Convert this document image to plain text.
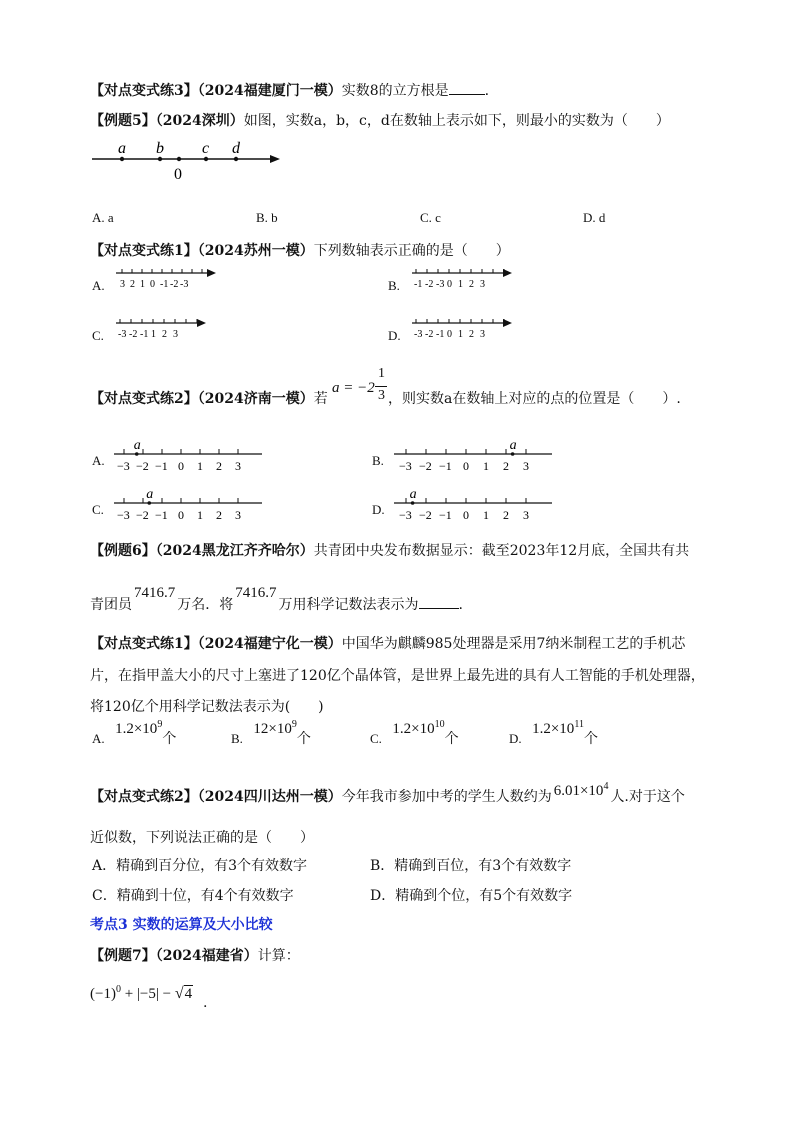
【对点变式练3】（2024福建厦门一模）实数8的立方根是	.
【例题5】（2024深圳）如图，实数a，b，c，d在数轴上表示如下，则最小的实数为（　　）
a b c d
0
A. a	B. b	C. c	D. d
【对点变式练1】（2024苏州一模）下列数轴表示正确的是（　　）
A. 3 2 1 0 -1 -2 -3	B. -1 -2 -3 0 1 2 3
C. -3 -2 -1 1 2 3	D. -3 -2 -1 0 1 2 3
【对点变式练2】（2024济南一模）若
a = −2
1
3 ，则实数a在数轴上对应的点的位置是（　　）.
A. −3 −2 −1 0 1 2 3
a
B. −3 −2 −1 0 1 2 3
a
C. −3 −2 −1 0 1 2 3
a
D. −3 −2 −1 0 1 2 3
a
【例题6】（2024黑龙江齐齐哈尔）共青团中央发布数据显示：截至2023年12月底，全国共有共
青团员7416.7万名．将7416.7万用科学记数法表示为	.
【对点变式练1】（2024福建宁化一模）中国华为麒麟985处理器是采用7纳米制程工艺的手机芯
片，在指甲盖大小的尺寸上塞进了120亿个晶体管，是世界上最先进的具有人工智能的手机处理器，
将120亿个用科学记数法表示为(　　)
A. $1.2\times 10^9$个	B. $12\times 10^9$个	C. $1.2\times 10^{10}$个	D. $1.2\times 10^{11}$个
【对点变式练2】（2024四川达州一模）今年我市参加中考的学生人数约为 $6.01\times 10^4$人.对于这个
近似数，下列说法正确的是（　　）
A．精确到百分位，有3个有效数字	B．精确到百位，有3个有效数字
C．精确到十位，有4个有效数字	D．精确到个位，有5个有效数字
考点3 实数的运算及大小比较
【例题7】（2024福建省）计算：
$(-1)^0 + |-5| - √4$
.
